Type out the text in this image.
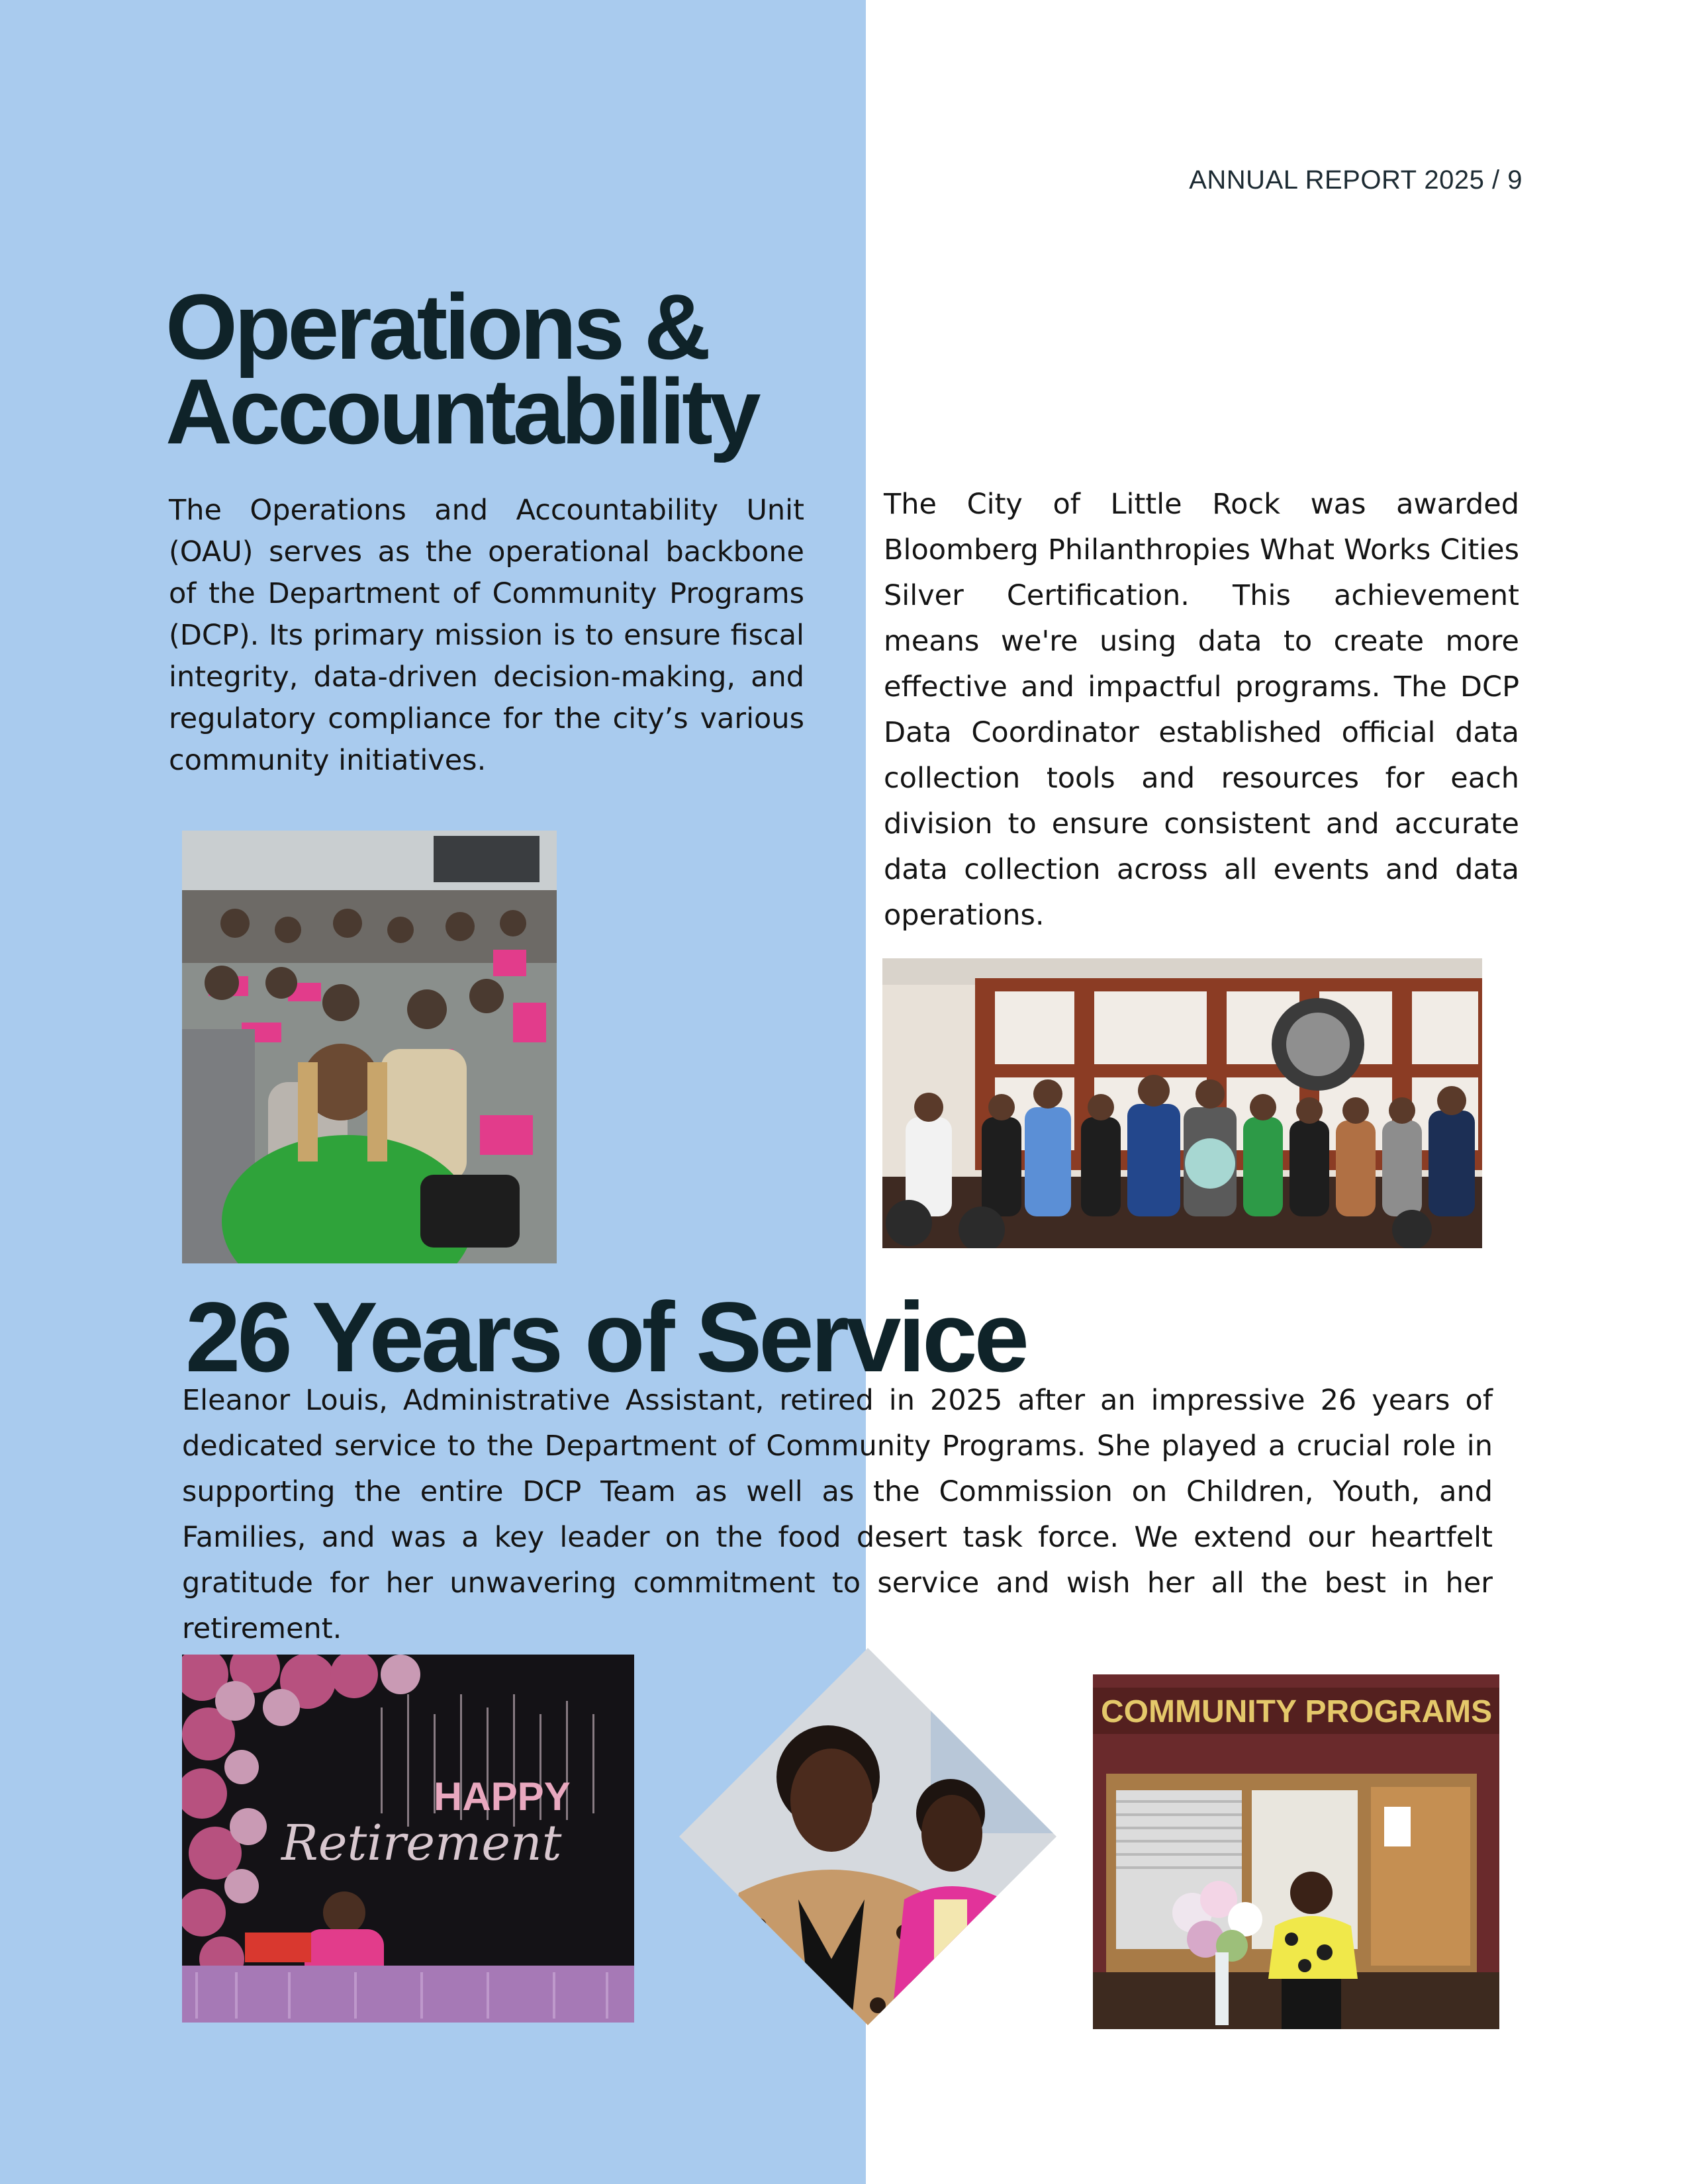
ANNUAL REPORT 2025 / 9
Operations &
Accountability

The Operations and Accountability Unit (OAU) serves as the operational backbone of the Department of Community Programs (DCP). Its primary mission is to ensure fiscal integrity, data-driven decision-making, and regulatory compliance for the city’s various community initiatives.

The City of Little Rock was awarded Bloomberg Philanthropies What Works Cities Silver Certification. This achievement means we're using data to create more effective and impactful programs. The DCP Data Coordinator established official data collection tools and resources for each division to ensure consistent and accurate data collection across all events and data operations.

26 Years of Service

Eleanor Louis, Administrative Assistant, retired in 2025 after an impressive 26 years of dedicated service to the Department of Community Programs. She played a crucial role in supporting the entire DCP Team as well as the Commission on Children, Youth, and Families, and was a key leader on the food desert task force. We extend our heartfelt gratitude for her unwavering commitment to service and wish her all the best in her retirement.

HAPPY
Retirement
COMMUNITY PROGRAMS
